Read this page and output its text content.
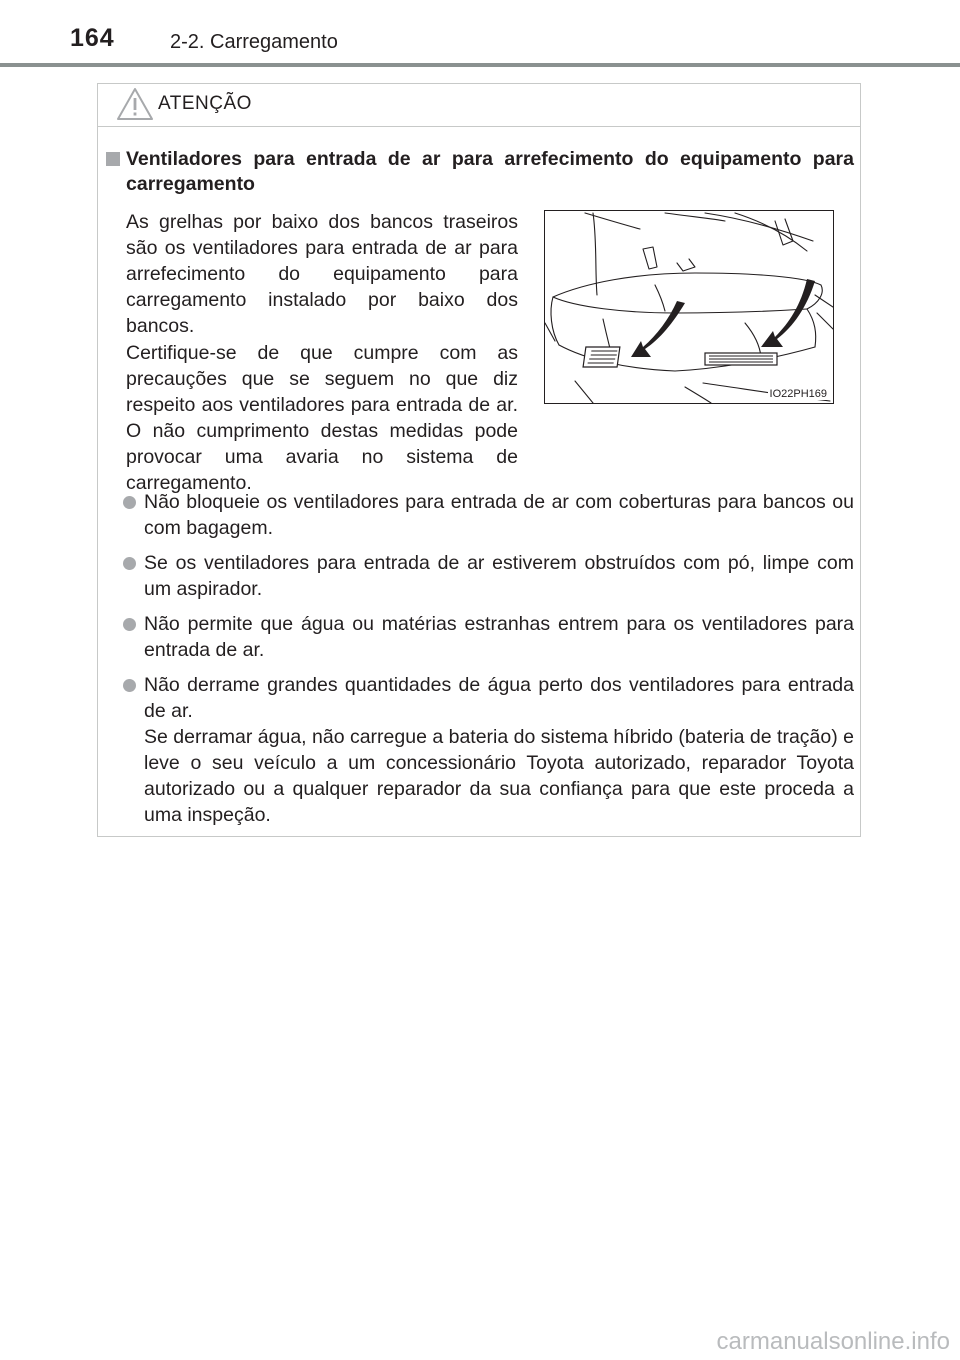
164	2-2. Carregamento
ATENÇÃO
Ventiladores para entrada de ar para arrefecimento do equipamento para carregamento
As grelhas por baixo dos bancos traseiros são os ventiladores para entrada de ar para arrefecimento do equipamento para carregamento instalado por baixo dos bancos.
Certifique-se de que cumpre com as precauções que se seguem no que diz respeito aos ventiladores para entrada de ar. O não cumprimento destas medidas pode provocar uma avaria no sistema de carregamento.
IO22PH169
Não bloqueie os ventiladores para entrada de ar com coberturas para bancos ou com bagagem.
Se os ventiladores para entrada de ar estiverem obstruídos com pó, limpe com um aspirador.
Não permite que água ou matérias estranhas entrem para os ventiladores para entrada de ar.
Não derrame grandes quantidades de água perto dos ventiladores para entrada de ar.
Se derramar água, não carregue a bateria do sistema híbrido (bateria de tração) e leve o seu veículo a um concessionário Toyota autorizado, reparador Toyota autorizado ou a qualquer reparador da sua confiança para que este proceda a uma inspeção.
carmanualsonline.info
